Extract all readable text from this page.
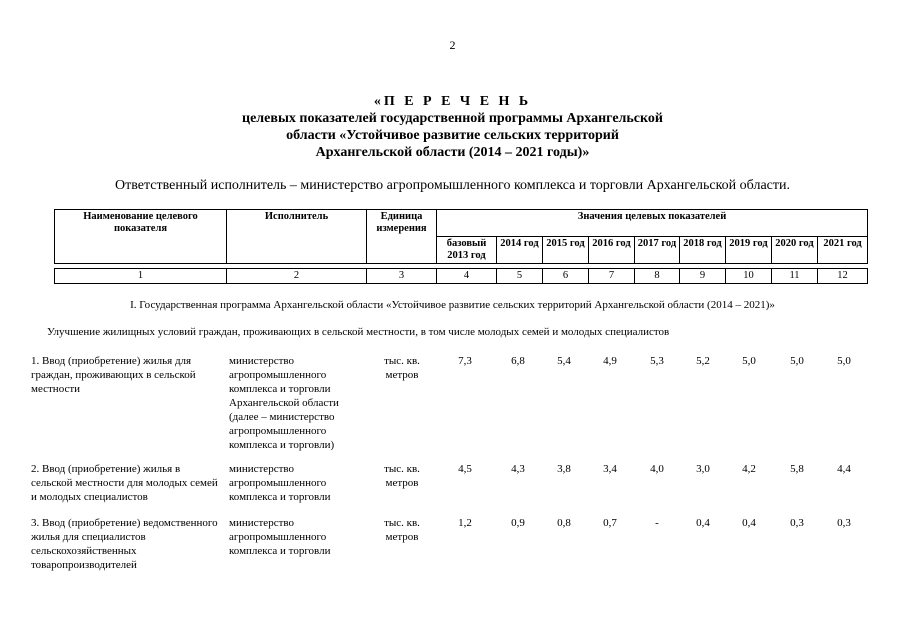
2
«П Е Р Е Ч Е Н Ь
целевых показателей государственной программы Архангельской
области «Устойчивое развитие сельских территорий
Архангельской области (2014 – 2021 годы)»
Ответственный исполнитель – министерство агропромышленного комплекса и торговли Архангельской области.
Наименование целевого показателя	Исполнитель	Единица измерения	Значения целевых показателей								
			базовый 2013 год	2014 год	2015 год	2016 год	2017 год	2018 год	2019 год	2020 год	2021 год

1	2	3	4	5	6	7	8	9	10	11	12
I. Государственная программа Архангельской области «Устойчивое развитие сельских территорий Архангельской области (2014 – 2021)»
Улучшение жилищных условий граждан, проживающих в сельской местности, в том числе молодых семей и молодых специалистов
1. Ввод (приобретение) жилья для граждан, проживающих в сельской местности
министерство агропромышленного комплекса и торговли Архангельской области (далее – министерство агропромышленного комплекса и торговли)
тыс. кв. метров
7,3	6,8	5,4	4,9	5,3	5,2	5,0	5,0	5,0
2. Ввод (приобретение) жилья в сельской местности для молодых семей и молодых специалистов
министерство агропромышленного комплекса и торговли
тыс. кв. метров
4,5	4,3	3,8	3,4	4,0	3,0	4,2	5,8	4,4
3. Ввод (приобретение) ведомственного жилья для специалистов сельскохозяйственных товаропроизводителей
министерство агропромышленного комплекса и торговли
тыс. кв. метров
1,2	0,9	0,8	0,7	-	0,4	0,4	0,3	0,3
